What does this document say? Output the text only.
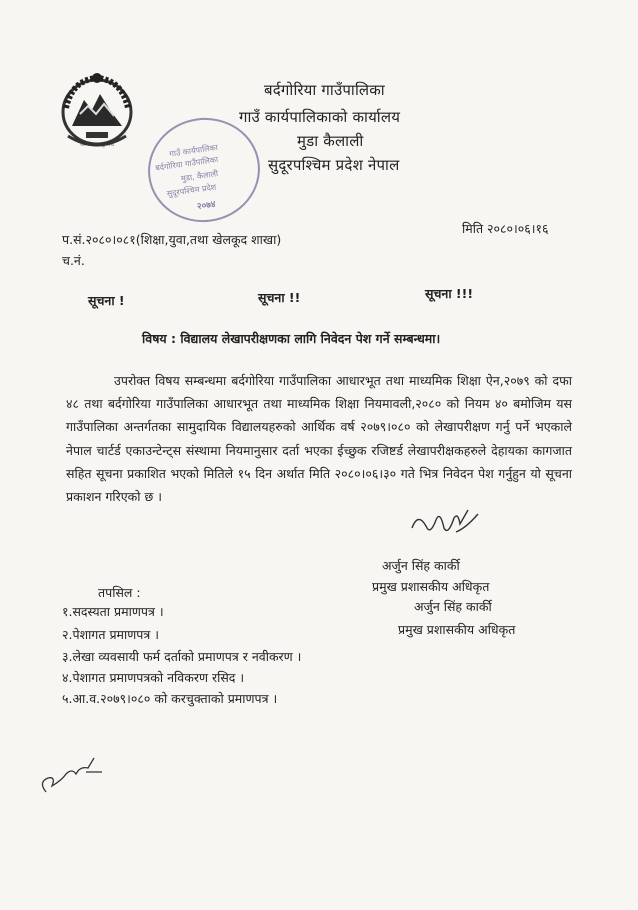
जननी जन्मभूमिश्च	गाउँ कार्यपालिका
बर्दगोरिया गाउँपालिका
मुडा, कैलाली
सुदूरपश्चिम प्रदेश
२०७४
बर्दगोरिया गाउँपालिका
गाउँ कार्यपालिकाको कार्यालय
मुडा कैलाली
सुदूरपश्चिम प्रदेश नेपाल
प.सं.२०८०।०८१(शिक्षा,युवा,तथा खेलकूद शाखा)
च.नं.
मिति २०८०।०६।१६
सूचना !	सूचना !!	सूचना !!!
विषय : विद्यालय लेखापरीक्षणका लागि निवेदन पेश गर्ने सम्बन्धमा।

उपरोक्त विषय सम्बन्धमा बर्दगोरिया गाउँपालिका आधारभूत तथा माध्यमिक शिक्षा ऐन,२०७९ को दफा ४८ तथा बर्दगोरिया गाउँपालिका आधारभूत तथा माध्यमिक शिक्षा नियमावली,२०८० को नियम ४० बमोजिम यस गाउँपालिका अन्तर्गतका सामुदायिक विद्यालयहरुको आर्थिक वर्ष २०७९।०८० को लेखापरीक्षण गर्नु पर्ने भएकाले नेपाल चार्टर्ड एकाउन्टेन्ट्स संस्थामा नियमानुसार दर्ता भएका ईच्छुक रजिष्टर्ड लेखापरीक्षकहरुले देहायका कागजात सहित सूचना प्रकाशित भएको मितिले १५ दिन अर्थात मिति २०८०।०६।३० गते भित्र निवेदन पेश गर्नुहुन यो सूचना प्रकाशन गरिएको छ ।

अर्जुन सिंह कार्की
प्रमुख प्रशासकीय अधिकृत
अर्जुन सिंह कार्की
प्रमुख प्रशासकीय अधिकृत
तपसिल :
१.सदस्यता प्रमाणपत्र ।
२.पेशागत प्रमाणपत्र ।
३.लेखा व्यवसायी फर्म दर्ताको प्रमाणपत्र र नवीकरण ।
४.पेशागत प्रमाणपत्रको नविकरण रसिद ।
५.आ.व.२०७९।०८० को करचुक्ताको प्रमाणपत्र ।
